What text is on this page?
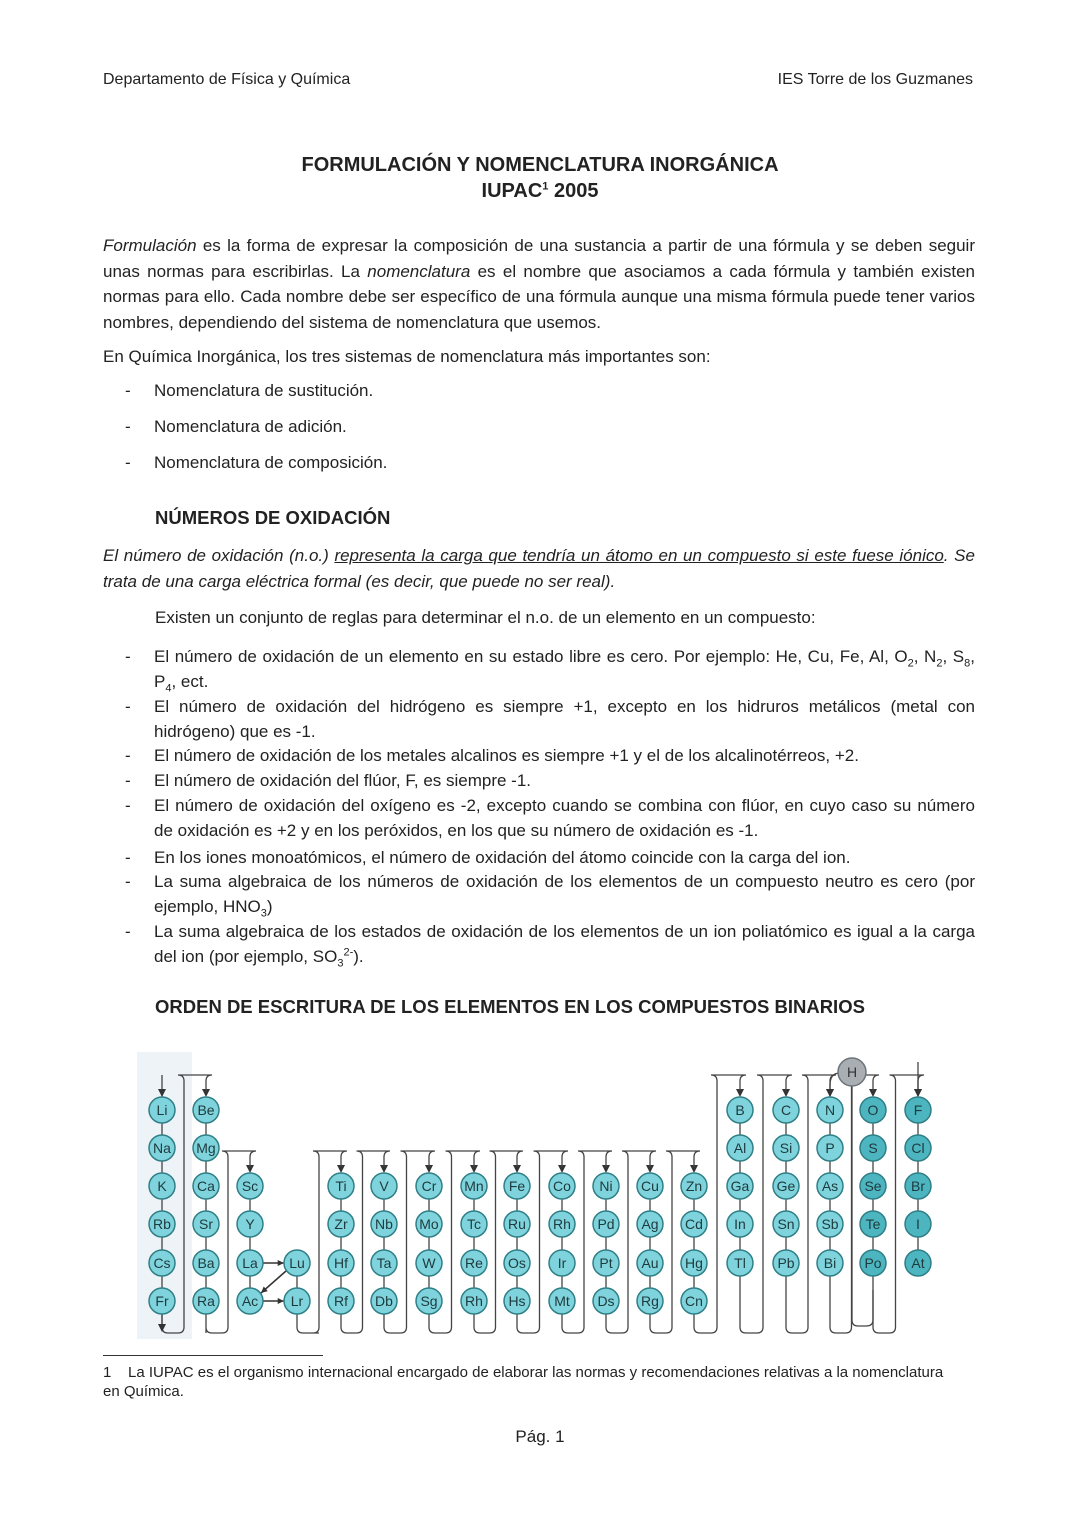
Departamento de Física y Química	IES Torre de los Guzmanes
FORMULACIÓN Y NOMENCLATURA INORGÁNICA
IUPAC$^1$ 2005

Formulación es la forma de expresar la composición de una sustancia a partir de una fórmula y se deben seguir unas normas para escribirlas. La nomenclatura es el nombre que asociamos a cada fórmula y también existen normas para ello. Cada nombre debe ser específico de una fórmula aunque una misma fórmula puede tener varios nombres, dependiendo del sistema de nomenclatura que usemos.

En Química Inorgánica, los tres sistemas de nomenclatura más importantes son:

- Nomenclatura de sustitución.
- Nomenclatura de adición.
- Nomenclatura de composición.
NÚMEROS DE OXIDACIÓN

El número de oxidación (n.o.) representa la carga que tendría un átomo en un compuesto si este fuese iónico. Se trata de una carga eléctrica formal (es decir, que puede no ser real).

Existen un conjunto de reglas para determinar el n.o. de un elemento en un compuesto:

- El número de oxidación de un elemento en su estado libre es cero. Por ejemplo: He, Cu, Fe, Al, $O_2$, $N_2$, $S_8$, $P_4$, ect.
- El número de oxidación del hidrógeno es siempre +1, excepto en los hidruros metálicos (metal con hidrógeno) que es -1.
- El número de oxidación de los metales alcalinos es siempre +1 y el de los alcalinotérreos, +2.
- El número de oxidación del flúor, F, es siempre -1.
- El número de oxidación del oxígeno es -2, excepto cuando se combina con flúor, en cuyo caso su número de oxidación es +2 y en los peróxidos, en los que su número de oxidación es -1.
- En los iones monoatómicos, el número de oxidación del átomo coincide con la carga del ion.
- La suma algebraica de los números de oxidación de los elementos de un compuesto neutro es cero (por ejemplo, $HNO_3$)
- La suma algebraica de los estados de oxidación de los elementos de un ion poliatómico es igual a la carga del ion (por ejemplo, $SO_3^{2-}$).
ORDEN DE ESCRITURA DE LOS ELEMENTOS EN LOS COMPUESTOS BINARIOS
H
Li
Na
K
Rb
Cs
Fr
Be
Mg
Ca
Sr
Ba
Ra
Sc
Y
La
Ac
Lu
Lr
Ti
Zr
Hf
Rf
V
Nb
Ta
Db
Cr
Mo
W
Sg
Mn
Tc
Re
Rh
Fe
Ru
Os
Hs
Co
Rh
Ir
Mt
Ni
Pd
Pt
Ds
Cu
Ag
Au
Rg
Zn
Cd
Hg
Cn
B
Al
Ga
In
Tl
C
Si
Ge
Sn
Pb
N
P
As
Sb
Bi
O
S
Se
Te
Po
F
Cl
Br
I
At
1 La IUPAC es el organismo internacional encargado de elaborar las normas y recomendaciones relativas a la nomenclatura en Química.
Pág. 1
